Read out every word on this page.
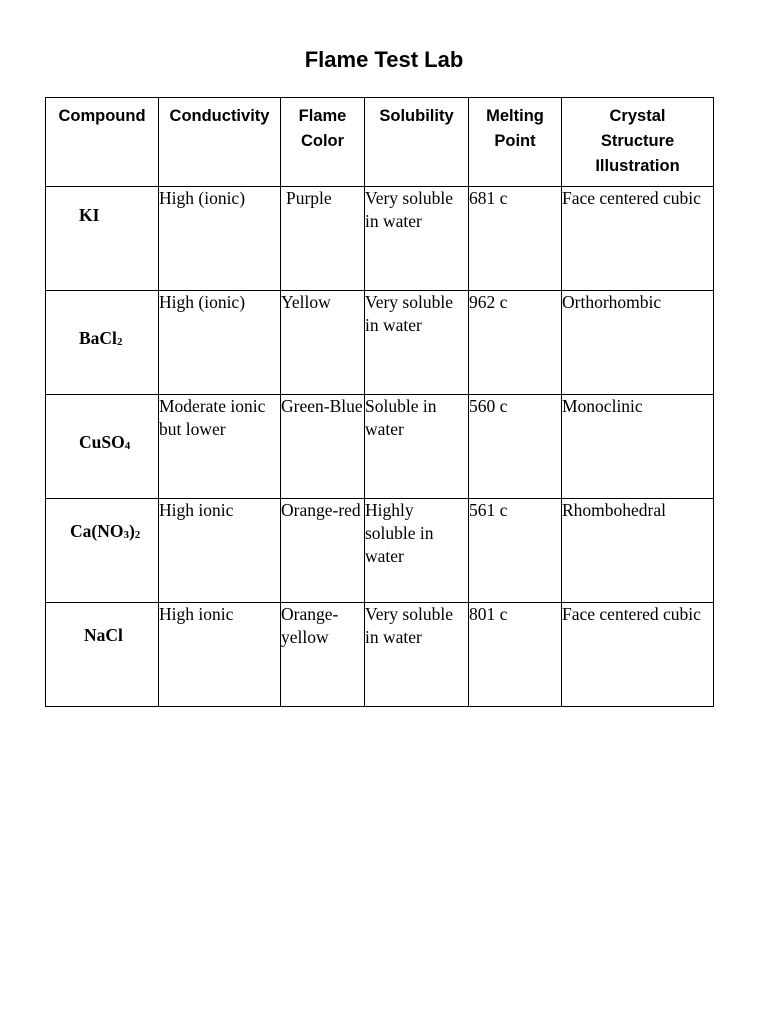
Flame Test Lab
Compound	Conductivity	Flame Color	Solubility	Melting Point	Crystal Structure Illustration
KI	High (ionic)	Purple	Very soluble in water	681 c	Face centered cubic
BaCl$_2$	High (ionic)	Yellow	Very soluble in water	962 c	Orthorhombic
CuSO$_4$	Moderate ionic but lower	Green-Blue	Soluble in water	560 c	Monoclinic
$Ca(NO_3)_2$	High ionic	Orange-red	Highly soluble in water	561 c	Rhombohedral
NaCl	High ionic	Orange-yellow	Very soluble in water	801 c	Face centered cubic
